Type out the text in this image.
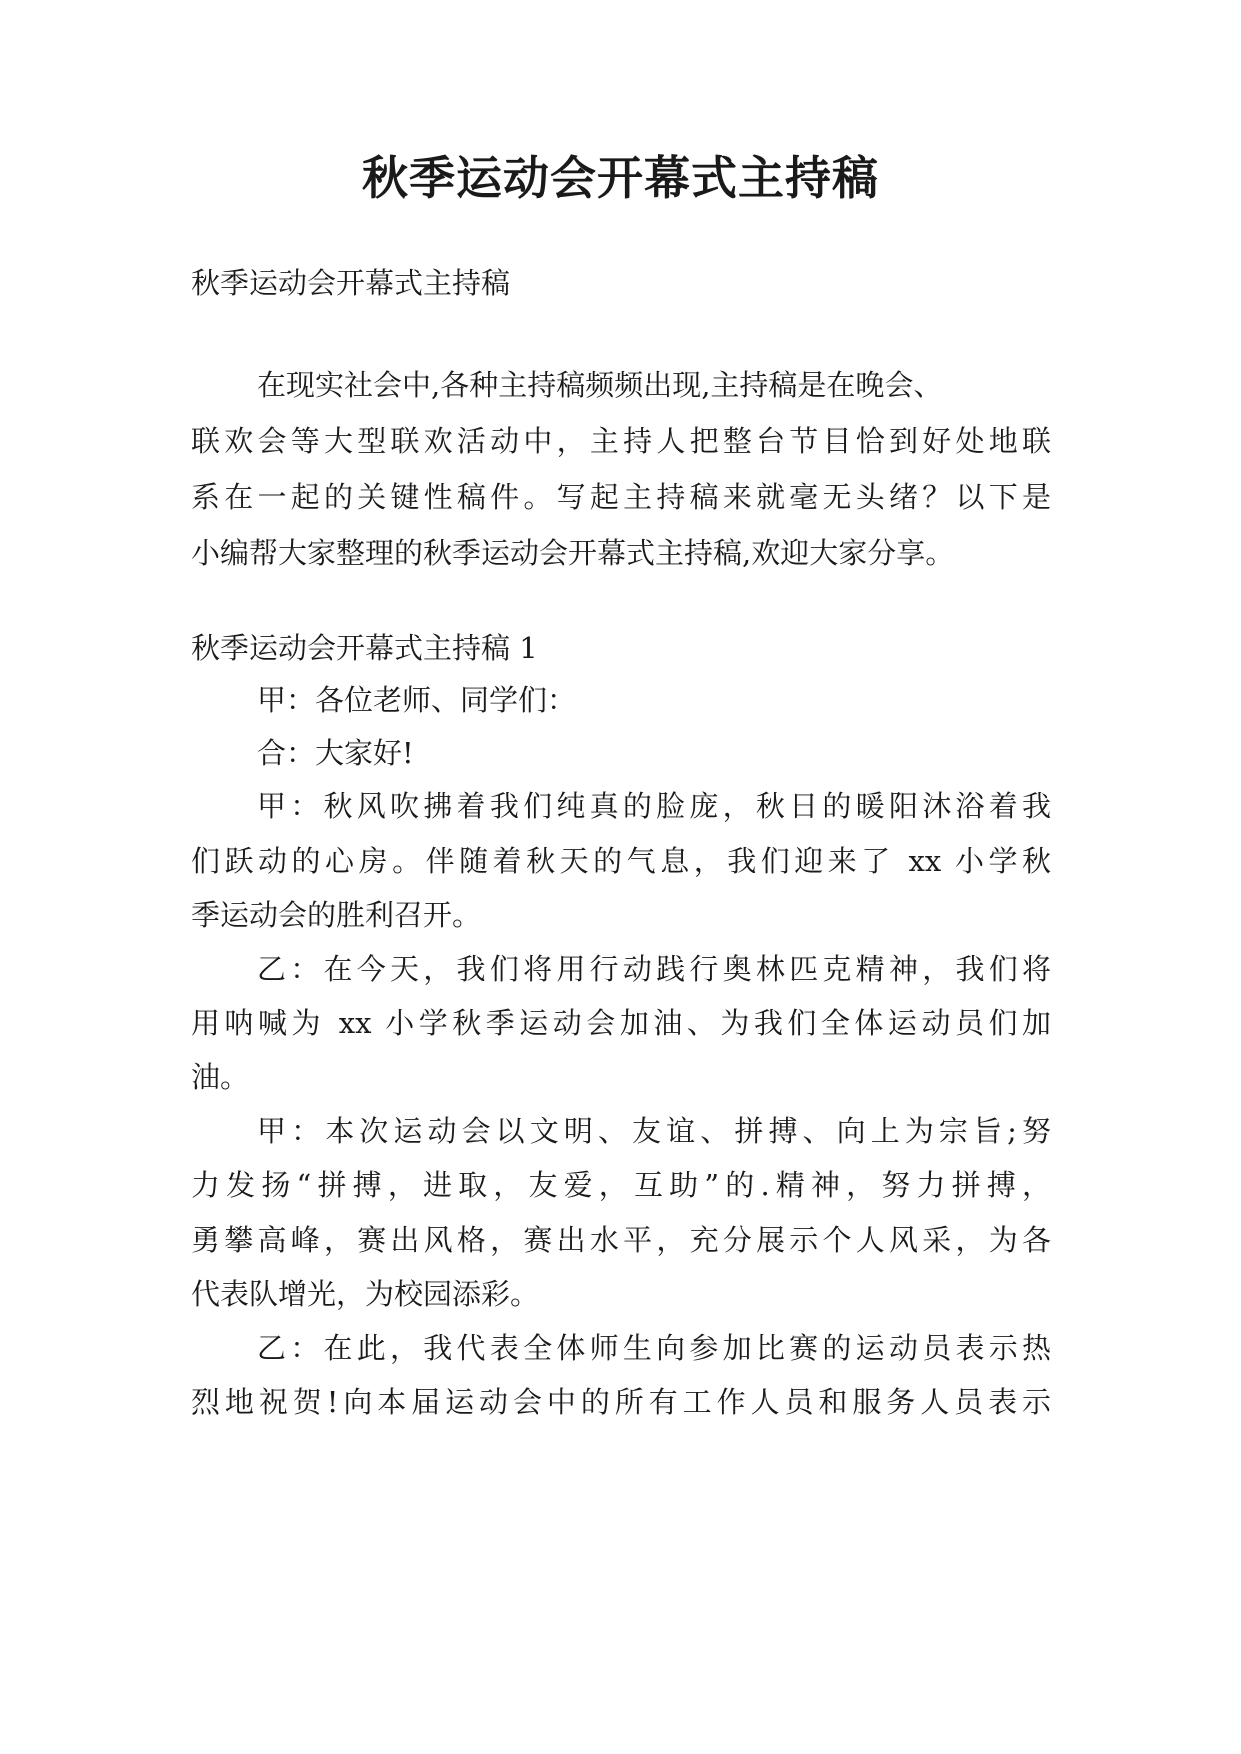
秋季运动会开幕式主持稿

秋季运动会开幕式主持稿

在现实社会中,各种主持稿频频出现,主持稿是在晚会、

联欢会等大型联欢活动中，主持人把整台节目恰到好处地联

系在一起的关键性稿件。写起主持稿来就毫无头绪？以下是

小编帮大家整理的秋季运动会开幕式主持稿,欢迎大家分享。

秋季运动会开幕式主持稿 1

甲：各位老师、同学们：

合：大家好!

甲：秋风吹拂着我们纯真的脸庞，秋日的暖阳沐浴着我

们跃动的心房。伴随着秋天的气息，我们迎来了 xx 小学秋

季运动会的胜利召开。

乙：在今天，我们将用行动践行奥林匹克精神，我们将

用呐喊为 xx 小学秋季运动会加油、为我们全体运动员们加

油。

甲：本次运动会以文明、友谊、拼搏、向上为宗旨;努

力发扬“拼搏，进取，友爱，互助”的.精神，努力拼搏，

勇攀高峰，赛出风格，赛出水平，充分展示个人风采，为各

代表队增光，为校园添彩。

乙：在此，我代表全体师生向参加比赛的运动员表示热

烈地祝贺!向本届运动会中的所有工作人员和服务人员表示
